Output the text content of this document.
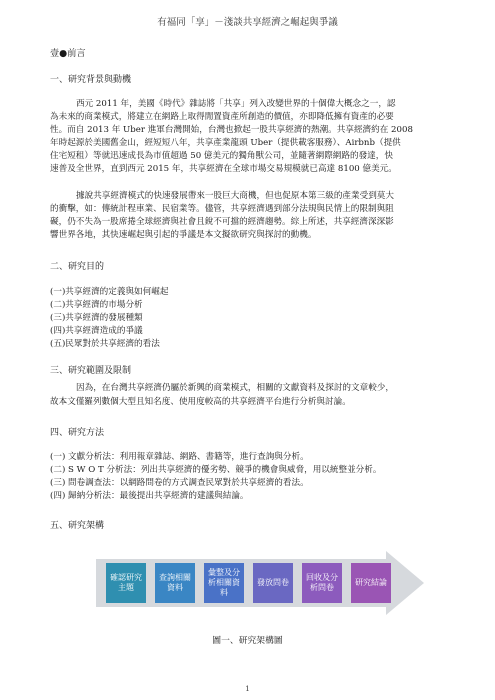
有福同「享」－淺談共享經濟之崛起與爭議
壹●前言
一、研究背景與動機
西元 2011 年，美國《時代》雜誌將「共享」列入改變世界的十個偉大概念之一，認
為未來的商業模式，將建立在網路上取得閒置資產所創造的價值，亦即降低擁有資產的必要
性。而自 2013 年 Uber 進軍台灣開始，台灣也掀起一股共享經濟的熱潮。共享經濟約在 2008
年時起源於美國舊金山，經短短八年，共享產業龍頭 Uber（提供載客服務）、Airbnb（提供
住宅短租）等就迅速成長為市值超過 50 億美元的獨角獸公司，並隨著網際網路的發達，快
速普及全世界，直到西元 2015 年，共享經濟在全球市場交易規模就已高達 8100 億美元。
據說共享經濟模式的快速發展帶來一股巨大商機，但也促原本第三級的產業受到莫大
的衝擊，如：傳統計程車業、民宿業等。儘管，共享經濟遇到部分法規與民情上的限制與阻
礙，仍不失為一股席捲全球經濟與社會且銳不可擋的經濟趨勢。綜上所述，共享經濟深深影
響世界各地，其快速崛起與引起的爭議是本文擬欲研究與探討的動機。
二、研究目的
(一)共享經濟的定義與如何崛起
(二)共享經濟的市場分析
(三)共享經濟的發展種類
(四)共享經濟造成的爭議
(五)民眾對於共享經濟的看法
三、研究範圍及限制
因為，在台灣共享經濟仍屬於新興的商業模式，相關的文獻資料及探討的文章較少，
故本文僅羅列數個大型且知名度、使用度較高的共享經濟平台進行分析與討論。
四、研究方法
(一) 文獻分析法：利用報章雜誌、網路、書籍等，進行查詢與分析。
(二) S W O T 分析法：列出共享經濟的優劣勢、競爭的機會與威脅，用以統整並分析。
(三) 問卷調查法：以網路問卷的方式調查民眾對於共享經濟的看法。
(四) 歸納分析法：最後提出共享經濟的建議與結論。
五、研究架構
確認研究主題
查詢相關資料
彙整及分析相關資料
發放問卷
回收及分析問卷
研究結論
圖一、研究架構圖
1
